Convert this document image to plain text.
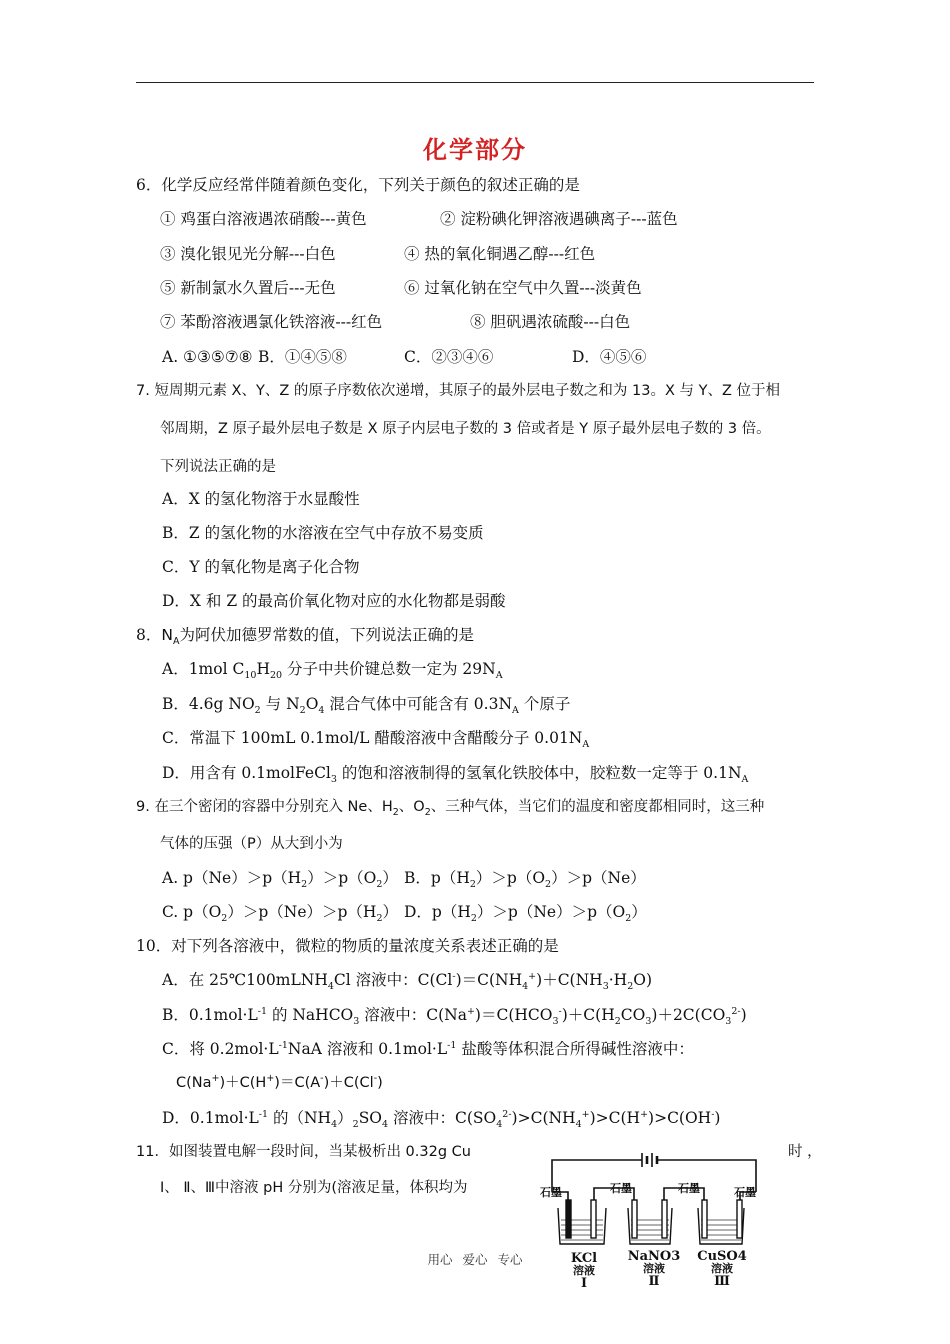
化学部分
6．化学反应经常伴随着颜色变化，下列关于颜色的叙述正确的是
① 鸡蛋白溶液遇浓硝酸---黄色	② 淀粉碘化钾溶液遇碘离子---蓝色
③ 溴化银见光分解---白色	④ 热的氧化铜遇乙醇---红色
⑤ 新制氯水久置后---无色	⑥ 过氧化钠在空气中久置---淡黄色
⑦ 苯酚溶液遇氯化铁溶液---红色	⑧ 胆矾遇浓硫酸---白色
A. ①③⑤⑦⑧ B．①④⑤⑧	C．②③④⑥	D．④⑤⑥
7. 短周期元素 X、Y、Z 的原子序数依次递增，其原子的最外层电子数之和为 13。X 与 Y、Z 位于相
邻周期，Z 原子最外层电子数是 X 原子内层电子数的 3 倍或者是 Y 原子最外层电子数的 3 倍。
下列说法正确的是
A．X 的氢化物溶于水显酸性
B．Z 的氢化物的水溶液在空气中存放不易变质
C．Y 的氧化物是离子化合物
D．X 和 Z 的最高价氧化物对应的水化物都是弱酸
8．$N_A$为阿伏加德罗常数的值，下列说法正确的是
A．1mol $C_{10}H_{20}$ 分子中共价键总数一定为 $29N_A$
B．4.6g $NO_2$ 与 $N_2O_4$ 混合气体中可能含有 $0.3N_A$ 个原子
C．常温下 100mL 0.1mol/L 醋酸溶液中含醋酸分子 $0.01N_A$
D．用含有 0.1molFeCl$_3$ 的饱和溶液制得的氢氧化铁胶体中，胶粒数一定等于 $0.1N_A$
9. 在三个密闭的容器中分别充入 Ne、$H_2$、$O_2$、三种气体，当它们的温度和密度都相同时，这三种
气体的压强（P）从大到小为
A. $p(Ne)>p(H_2)>p(O_2)$ B．$p(H_2)>p(O_2)>p(Ne)$
C. $p(O_2)>p(Ne)>p(H_2)$ D．$p(H_2)>p(Ne)>p(O_2)$
10．对下列各溶液中，微粒的物质的量浓度关系表述正确的是
A．在 25℃100mLNH$_4$Cl 溶液中：$C(Cl^-)=C(NH_4^+)+C(NH_3\cdot H_2O)$
B．$0.1mol\cdot L^{-1}$ 的 NaHCO$_3$ 溶液中：$C(Na^+)=C(HCO_3^-)+C(H_2CO_3)+2C(CO_3^{2-})$
C．将 $0.2mol\cdot L^{-1}NaA$ 溶液和 $0.1mol\cdot L^{-1}$ 盐酸等体积混合所得碱性溶液中：
C(Na+)＋C(H+)＝C(A-)＋C(Cl-)
D．$0.1mol\cdot L^{-1}$ 的$(NH_4)_2SO_4$ 溶液中：$C(SO_4^{2-})>C(NH_4^+)>C(H^+)>C(OH^-)$
11．如图装置电解一段时间，当某极析出 0.32g Cu	时 ，
Ⅰ、 Ⅱ、Ⅲ中溶液 pH 分别为(溶液足量，体积均为	石墨	石墨	石墨	石墨
KCl
溶液
Ⅰ
NaNO3
溶液
Ⅱ
CuSO4
溶液
Ⅲ
用心 爱心 专心
